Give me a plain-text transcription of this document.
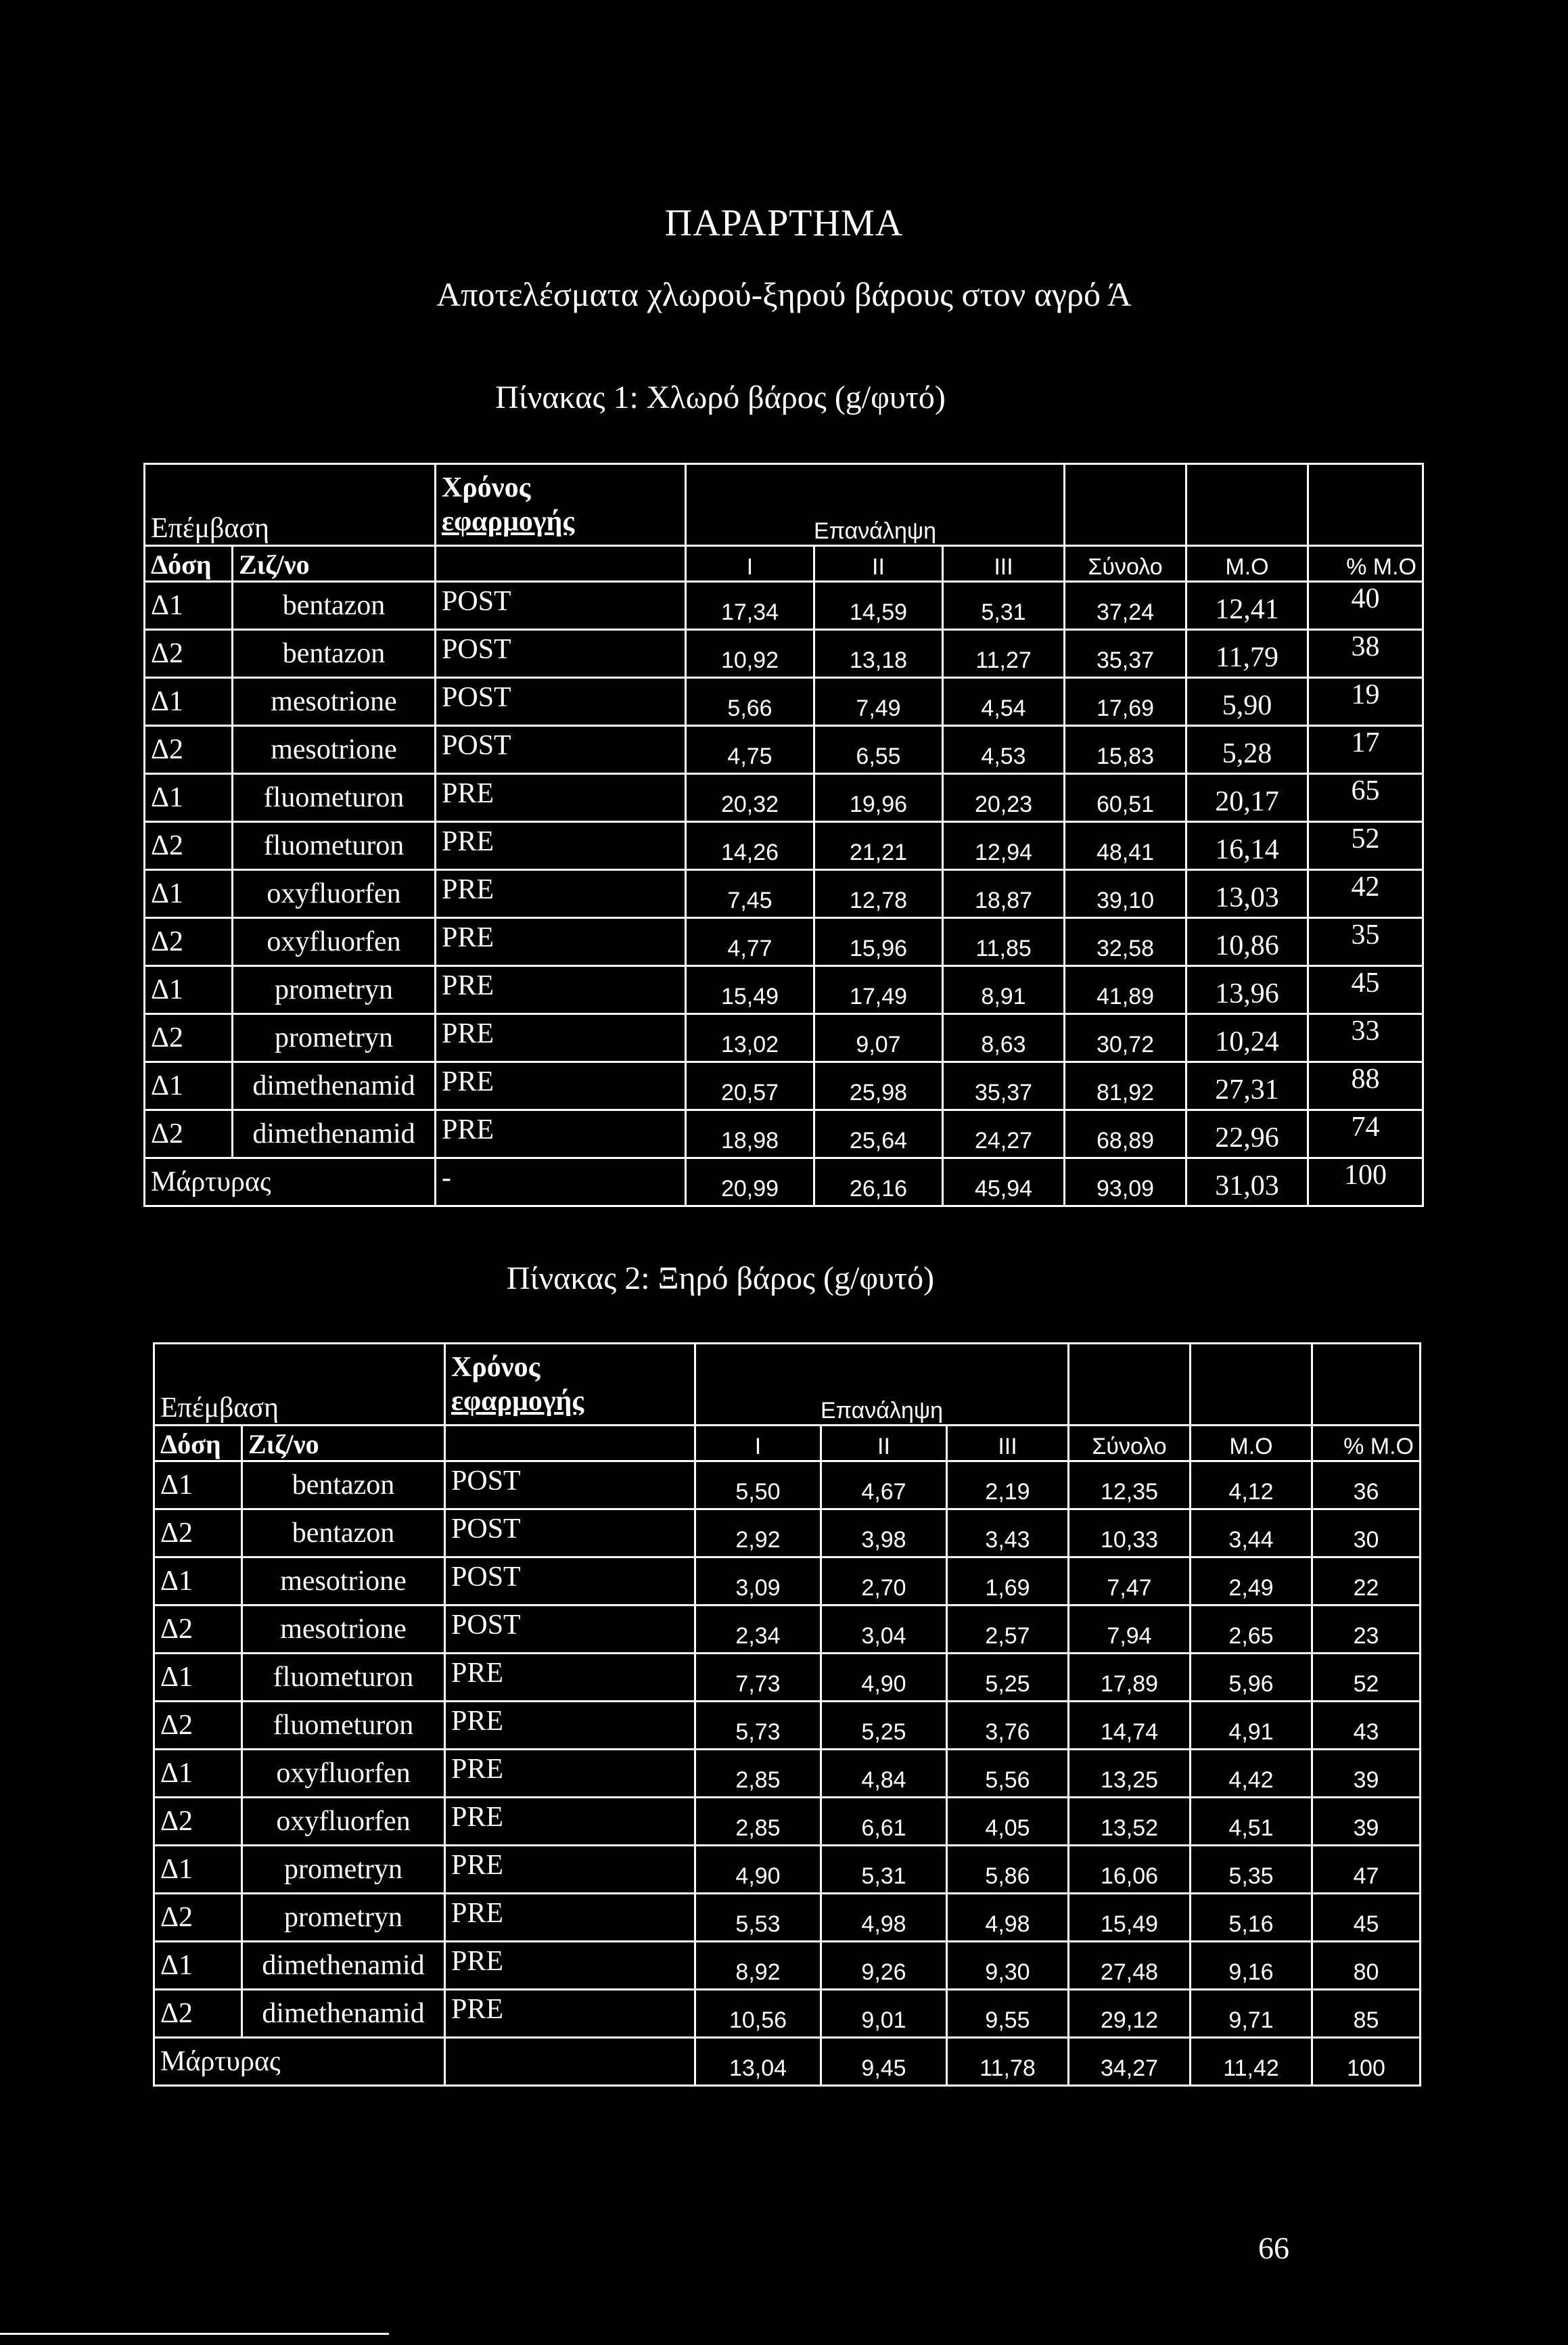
ΠΑΡΑΡΤΗΜΑ
Αποτελέσματα χλωρού-ξηρού βάρους στον αγρό Ά
Πίνακας 1: Χλωρό βάρος (g/φυτό)
Επέμβαση		Χρόνος
εφαρμογής	Επανάληψη					
Δόση	Ζιζ/νο		I	II	III	Σύνολο	Μ.Ο	% Μ.Ο
Δ1	bentazon	POST	17,34	14,59	5,31	37,24	12,41	40
Δ2	bentazon	POST	10,92	13,18	11,27	35,37	11,79	38
Δ1	mesotrione	POST	5,66	7,49	4,54	17,69	5,90	19
Δ2	mesotrione	POST	4,75	6,55	4,53	15,83	5,28	17
Δ1	fluometuron	PRE	20,32	19,96	20,23	60,51	20,17	65
Δ2	fluometuron	PRE	14,26	21,21	12,94	48,41	16,14	52
Δ1	oxyfluorfen	PRE	7,45	12,78	18,87	39,10	13,03	42
Δ2	oxyfluorfen	PRE	4,77	15,96	11,85	32,58	10,86	35
Δ1	prometryn	PRE	15,49	17,49	8,91	41,89	13,96	45
Δ2	prometryn	PRE	13,02	9,07	8,63	30,72	10,24	33
Δ1	dimethenamid	PRE	20,57	25,98	35,37	81,92	27,31	88
Δ2	dimethenamid	PRE	18,98	25,64	24,27	68,89	22,96	74
Μάρτυρας		-	20,99	26,16	45,94	93,09	31,03	100
Πίνακας 2: Ξηρό βάρος (g/φυτό)
Επέμβαση		Χρόνος
εφαρμογής	Επανάληψη					
Δόση	Ζιζ/νο		I	II	III	Σύνολο	Μ.Ο	% Μ.Ο
Δ1	bentazon	POST	5,50	4,67	2,19	12,35	4,12	36
Δ2	bentazon	POST	2,92	3,98	3,43	10,33	3,44	30
Δ1	mesotrione	POST	3,09	2,70	1,69	7,47	2,49	22
Δ2	mesotrione	POST	2,34	3,04	2,57	7,94	2,65	23
Δ1	fluometuron	PRE	7,73	4,90	5,25	17,89	5,96	52
Δ2	fluometuron	PRE	5,73	5,25	3,76	14,74	4,91	43
Δ1	oxyfluorfen	PRE	2,85	4,84	5,56	13,25	4,42	39
Δ2	oxyfluorfen	PRE	2,85	6,61	4,05	13,52	4,51	39
Δ1	prometryn	PRE	4,90	5,31	5,86	16,06	5,35	47
Δ2	prometryn	PRE	5,53	4,98	4,98	15,49	5,16	45
Δ1	dimethenamid	PRE	8,92	9,26	9,30	27,48	9,16	80
Δ2	dimethenamid	PRE	10,56	9,01	9,55	29,12	9,71	85
Μάρτυρας			13,04	9,45	11,78	34,27	11,42	100
66
